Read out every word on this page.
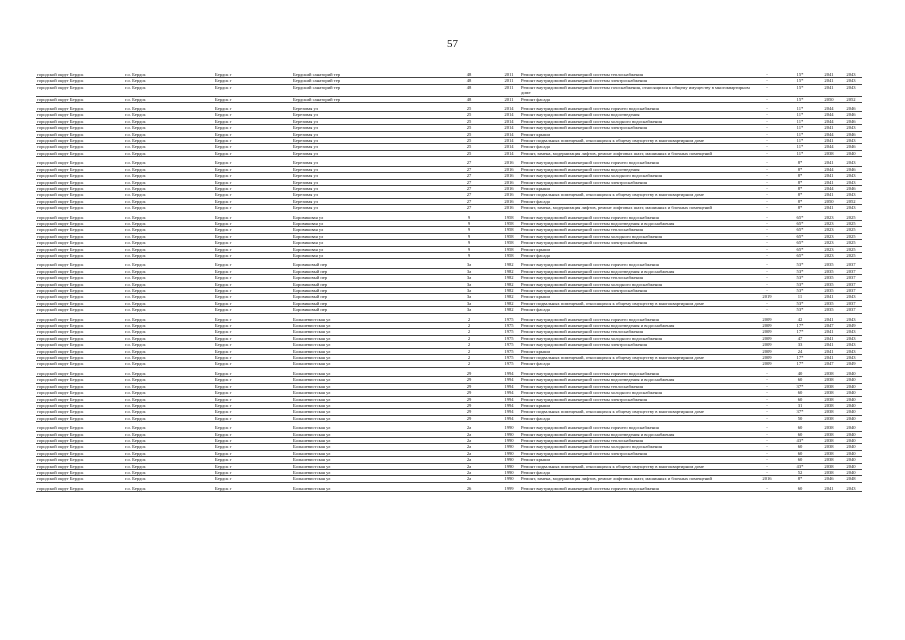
57
городской округ Бердск	г.о. Бердск	Бердск г	Бердский санаторий тер	48	2011	Ремонт внутридомовой инженерной системы теплоснабжения	-	15*	2041	2043
городской округ Бердск	г.о. Бердск	Бердск г	Бердский санаторий тер	48	2011	Ремонт внутридомовой инженерной системы электроснабжения	-	15*	2041	2043
городской округ Бердск	г.о. Бердск	Бердск г	Бердский санаторий тер	48	2011	Ремонт внутридомовой инженерной системы газоснабжения, относящихся к общему имуществу в многоквартирном доме	-	15*	2041	2043
городской округ Бердск	г.о. Бердск	Бердск г	Бердский санаторий тер	48	2011	Ремонт фасада	-	15*	2050	2052

городской округ Бердск	г.о. Бердск	Бердск г	Березовая ул	25	2014	Ремонт внутридомовой инженерной системы горячего водоснабжения	-	11*	2044	2046
городской округ Бердск	г.о. Бердск	Бердск г	Березовая ул	25	2014	Ремонт внутридомовой инженерной системы водоотведения	-	11*	2044	2046
городской округ Бердск	г.о. Бердск	Бердск г	Березовая ул	25	2014	Ремонт внутридомовой инженерной системы холодного водоснабжения	-	11*	2044	2046
городской округ Бердск	г.о. Бердск	Бердск г	Березовая ул	25	2014	Ремонт внутридомовой инженерной системы электроснабжения	-	11*	2041	2043
городской округ Бердск	г.о. Бердск	Бердск г	Березовая ул	25	2014	Ремонт крыши	-	11*	2044	2046
городской округ Бердск	г.о. Бердск	Бердск г	Березовая ул	25	2014	Ремонт подвальных помещений, относящихся к общему имуществу в многоквартирном доме	-	11*	2041	2043
городской округ Бердск	г.о. Бердск	Бердск г	Березовая ул	25	2014	Ремонт фасада	-	11*	2044	2046
городской округ Бердск	г.о. Бердск	Бердск г	Березовая ул	25	2014	Ремонт, замена, модернизация лифтов, ремонт лифтовых шахт, машинных и блочных помещений	-	11*	2038	2040

городской округ Бердск	г.о. Бердск	Бердск г	Березовая ул	27	2016	Ремонт внутридомовой инженерной системы горячего водоснабжения	-	8*	2041	2043
городской округ Бердск	г.о. Бердск	Бердск г	Березовая ул	27	2016	Ремонт внутридомовой инженерной системы водоотведения	-	8*	2044	2046
городской округ Бердск	г.о. Бердск	Бердск г	Березовая ул	27	2016	Ремонт внутридомовой инженерной системы холодного водоснабжения	-	8*	2041	2043
городской округ Бердск	г.о. Бердск	Бердск г	Березовая ул	27	2016	Ремонт внутридомовой инженерной системы электроснабжения	-	8*	2041	2043
городской округ Бердск	г.о. Бердск	Бердск г	Березовая ул	27	2016	Ремонт крыши	-	8*	2044	2046
городской округ Бердск	г.о. Бердск	Бердск г	Березовая ул	27	2016	Ремонт подвальных помещений, относящихся к общему имуществу в многоквартирном доме	-	8*	2041	2043
городской округ Бердск	г.о. Бердск	Бердск г	Березовая ул	27	2016	Ремонт фасада	-	8*	2050	2052
городской округ Бердск	г.о. Бердск	Бердск г	Березовая ул	27	2016	Ремонт, замена, модернизация лифтов, ремонт лифтовых шахт, машинных и блочных помещений	-	8*	2041	2043

городской округ Бердск	г.о. Бердск	Бердск г	Боровиковая ул	9	1958	Ремонт внутридомовой инженерной системы горячего водоснабжения	-	65*	2023	2025
городской округ Бердск	г.о. Бердск	Бердск г	Боровиковая ул	9	1958	Ремонт внутридомовой инженерной системы водоотведения и водоснабжения	-	65*	2023	2025
городской округ Бердск	г.о. Бердск	Бердск г	Боровиковая ул	9	1958	Ремонт внутридомовой инженерной системы теплоснабжения	-	65*	2023	2025
городской округ Бердск	г.о. Бердск	Бердск г	Боровиковая ул	9	1958	Ремонт внутридомовой инженерной системы холодного водоснабжения	-	65*	2023	2025
городской округ Бердск	г.о. Бердск	Бердск г	Боровиковая ул	9	1958	Ремонт внутридомовой инженерной системы электроснабжения	-	65*	2023	2025
городской округ Бердск	г.о. Бердск	Бердск г	Боровиковая ул	9	1958	Ремонт крыши	-	65*	2023	2025
городской округ Бердск	г.о. Бердск	Бердск г	Боровиковая ул	9	1958	Ремонт фасада	-	65*	2023	2025

городской округ Бердск	г.о. Бердск	Бердск г	Боровиковый пер	3а	1982	Ремонт внутридомовой инженерной системы горячего водоснабжения	-	53*	2035	2037
городской округ Бердск	г.о. Бердск	Бердск г	Боровиковый пер	3а	1982	Ремонт внутридомовой инженерной системы водоотведения и водоснабжения	-	53*	2035	2037
городской округ Бердск	г.о. Бердск	Бердск г	Боровиковый пер	3а	1982	Ремонт внутридомовой инженерной системы теплоснабжения	-	53*	2035	2037
городской округ Бердск	г.о. Бердск	Бердск г	Боровиковый пер	3а	1982	Ремонт внутридомовой инженерной системы холодного водоснабжения	-	53*	2035	2037
городской округ Бердск	г.о. Бердск	Бердск г	Боровиковый пер	3а	1982	Ремонт внутридомовой инженерной системы электроснабжения	-	53*	2035	2037
городской округ Бердск	г.о. Бердск	Бердск г	Боровиковый пер	3а	1982	Ремонт крыши	2019	11	2041	2043
городской округ Бердск	г.о. Бердск	Бердск г	Боровиковый пер	3а	1982	Ремонт подвальных помещений, относящихся к общему имуществу в многоквартирном доме	-	53*	2035	2037
городской округ Бердск	г.о. Бердск	Бердск г	Боровиковый пер	3а	1982	Ремонт фасада	-	53*	2035	2037

городской округ Бердск	г.о. Бердск	Бердск г	Большевистская ул	2	1975	Ремонт внутридомовой инженерной системы горячего водоснабжения	2009	42	2041	2043
городской округ Бердск	г.о. Бердск	Бердск г	Большевистская ул	2	1975	Ремонт внутридомовой инженерной системы водоотведения и водоснабжения	2009	17*	2047	2049
городской округ Бердск	г.о. Бердск	Бердск г	Большевистская ул	2	1975	Ремонт внутридомовой инженерной системы теплоснабжения	2009	17*	2041	2043
городской округ Бердск	г.о. Бердск	Бердск г	Большевистская ул	2	1975	Ремонт внутридомовой инженерной системы холодного водоснабжения	2009	47	2041	2043
городской округ Бердск	г.о. Бердск	Бердск г	Большевистская ул	2	1975	Ремонт внутридомовой инженерной системы электроснабжения	2009	33	2041	2043
городской округ Бердск	г.о. Бердск	Бердск г	Большевистская ул	2	1975	Ремонт крыши	2009	24	2041	2043
городской округ Бердск	г.о. Бердск	Бердск г	Большевистская ул	2	1975	Ремонт подвальных помещений, относящихся к общему имуществу в многоквартирном доме	2009	17*	2041	2043
городской округ Бердск	г.о. Бердск	Бердск г	Большевистская ул	2	1975	Ремонт фасада	2009	17*	2047	2049

городской округ Бердск	г.о. Бердск	Бердск г	Большевистская ул	29	1994	Ремонт внутридомовой инженерной системы горячего водоснабжения	-	40	2038	2040
городской округ Бердск	г.о. Бердск	Бердск г	Большевистская ул	29	1994	Ремонт внутридомовой инженерной системы водоотведения и водоснабжения	-	60	2038	2040
городской округ Бердск	г.о. Бердск	Бердск г	Большевистская ул	29	1994	Ремонт внутридомовой инженерной системы теплоснабжения	-	37*	2038	2040
городской округ Бердск	г.о. Бердск	Бердск г	Большевистская ул	29	1994	Ремонт внутридомовой инженерной системы холодного водоснабжения	-	60	2038	2040
городской округ Бердск	г.о. Бердск	Бердск г	Большевистская ул	29	1994	Ремонт внутридомовой инженерной системы электроснабжения	-	60	2038	2040
городской округ Бердск	г.о. Бердск	Бердск г	Большевистская ул	29	1994	Ремонт крыши	-	31	2038	2040
городской округ Бердск	г.о. Бердск	Бердск г	Большевистская ул	29	1994	Ремонт подвальных помещений, относящихся к общему имуществу в многоквартирном доме	-	37*	2038	2040
городской округ Бердск	г.о. Бердск	Бердск г	Большевистская ул	29	1994	Ремонт фасада	-	50	2038	2040

городской округ Бердск	г.о. Бердск	Бердск г	Большевистская ул	2а	1990	Ремонт внутридомовой инженерной системы горячего водоснабжения	-	60	2038	2040
городской округ Бердск	г.о. Бердск	Бердск г	Большевистская ул	2а	1990	Ремонт внутридомовой инженерной системы водоотведения и водоснабжения	-	60	2038	2040
городской округ Бердск	г.о. Бердск	Бердск г	Большевистская ул	2а	1990	Ремонт внутридомовой инженерной системы теплоснабжения	-	43*	2038	2040
городской округ Бердск	г.о. Бердск	Бердск г	Большевистская ул	2а	1990	Ремонт внутридомовой инженерной системы холодного водоснабжения	-	60	2038	2040
городской округ Бердск	г.о. Бердск	Бердск г	Большевистская ул	2а	1990	Ремонт внутридомовой инженерной системы электроснабжения	-	60	2038	2040
городской округ Бердск	г.о. Бердск	Бердск г	Большевистская ул	2а	1990	Ремонт крыши	-	60	2038	2040
городской округ Бердск	г.о. Бердск	Бердск г	Большевистская ул	2а	1990	Ремонт подвальных помещений, относящихся к общему имуществу в многоквартирном доме	-	43*	2038	2040
городской округ Бердск	г.о. Бердск	Бердск г	Большевистская ул	2а	1990	Ремонт фасада	-	52	2038	2040
городской округ Бердск	г.о. Бердск	Бердск г	Большевистская ул	2а	1990	Ремонт, замена, модернизация лифтов, ремонт лифтовых шахт, машинных и блочных помещений	2016	8*	2046	2048

городской округ Бердск	г.о. Бердск	Бердск г	Большевистская ул	26	1999	Ремонт внутридомовой инженерной системы горячего водоснабжения	-	60	2041	2043
